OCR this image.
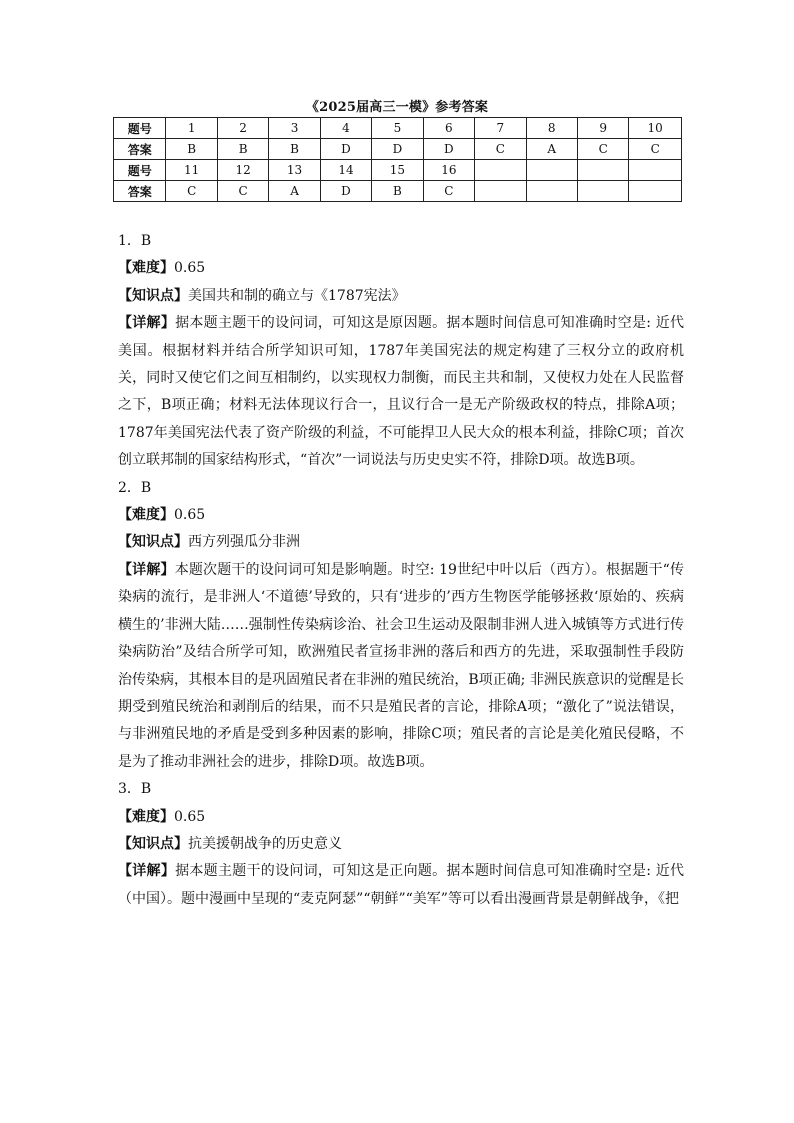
《2025届高三一模》参考答案
题号	1	2	3	4	5	6	7	8	9	10
答案	B	B	B	D	D	D	C	A	C	C
题号	11	12	13	14	15	16				
答案	C	C	A	D	B	C				

1．B

【难度】0.65

【知识点】美国共和制的确立与《1787宪法》

【详解】据本题主题干的设问词，可知这是原因题。据本题时间信息可知准确时空是: 近代美国。根据材料并结合所学知识可知，1787年美国宪法的规定构建了三权分立的政府机关，同时又使它们之间互相制约，以实现权力制衡，而民主共和制，又使权力处在人民监督之下，B项正确；材料无法体现议行合一，且议行合一是无产阶级政权的特点，排除A项；1787年美国宪法代表了资产阶级的利益，不可能捍卫人民大众的根本利益，排除C项；首次创立联邦制的国家结构形式，“首次”一词说法与历史史实不符，排除D项。故选B项。

2．B

【难度】0.65

【知识点】西方列强瓜分非洲

【详解】本题次题干的设问词可知是影响题。时空: 19世纪中叶以后（西方）。根据题干“传染病的流行，是非洲人‘不道德’导致的，只有‘进步的’西方生物医学能够拯救‘原始的、疾病横生的’非洲大陆……强制性传染病诊治、社会卫生运动及限制非洲人进入城镇等方式进行传染病防治”及结合所学可知，欧洲殖民者宣扬非洲的落后和西方的先进，采取强制性手段防治传染病，其根本目的是巩固殖民者在非洲的殖民统治，B项正确; 非洲民族意识的觉醒是长期受到殖民统治和剥削后的结果，而不只是殖民者的言论，排除A项；“激化了”说法错误，与非洲殖民地的矛盾是受到多种因素的影响，排除C项；殖民者的言论是美化殖民侵略，不是为了推动非洲社会的进步，排除D项。故选B项。

3．B

【难度】0.65

【知识点】抗美援朝战争的历史意义

【详解】据本题主题干的设问词，可知这是正向题。据本题时间信息可知准确时空是: 近代（中国）。题中漫画中呈现的“麦克阿瑟”“朝鲜”“美军”等可以看出漫画背景是朝鲜战争，《把
